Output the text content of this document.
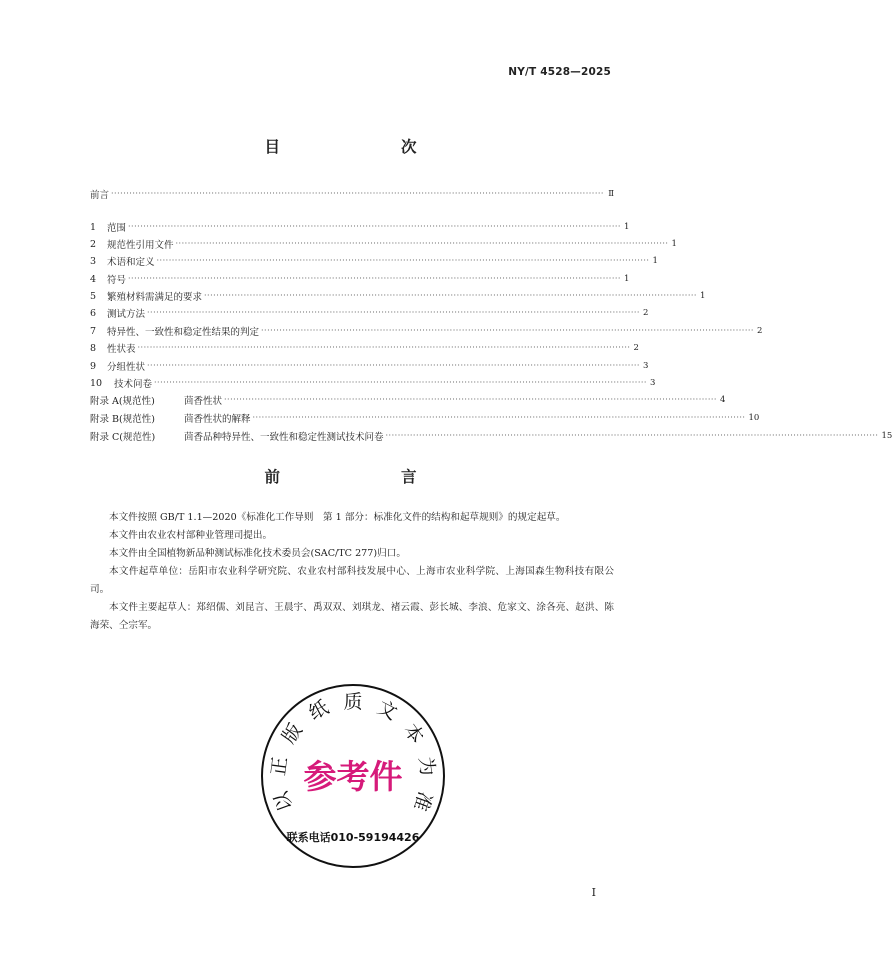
NY/T 4528—2025
目　　次
前言 ·································································································································································· Ⅱ
1	范围 ·································································································································································· 1
2	规范性引用文件 ·································································································································································· 1
3	术语和定义 ·································································································································································· 1
4	符号 ·································································································································································· 1
5	繁殖材料需满足的要求 ·································································································································································· 1
6	测试方法 ·································································································································································· 2
7	特异性、一致性和稳定性结果的判定 ·································································································································································· 2
8	性状表 ·································································································································································· 2
9	分组性状 ·································································································································································· 3
10	技术问卷 ·································································································································································· 3
附录 A(规范性)	茴香性状 ·································································································································································· 4
附录 B(规范性)	茴香性状的解释 ·································································································································································· 10
附录 C(规范性)	茴香品种特异性、一致性和稳定性测试技术问卷 ·································································································································································· 15
前　　言

本文件按照 GB/T 1.1—2020《标准化工作导则　第 1 部分：标准化文件的结构和起草规则》的规定起草。

本文件由农业农村部种业管理司提出。

本文件由全国植物新品种测试标准化技术委员会(SAC/TC 277)归口。

本文件起草单位：岳阳市农业科学研究院、农业农村部科技发展中心、上海市农业科学院、上海国森生物科技有限公司。

本文件主要起草人：郑绍儒、刘昆言、王晨宇、禹双双、刘琪龙、褚云霞、彭长城、李浪、危家文、涂各亮、赵洪、陈海荣、仝宗军。

以
正
版
纸 质 文
本
为
准
参考件
联系电话010-59194426
Ⅰ
